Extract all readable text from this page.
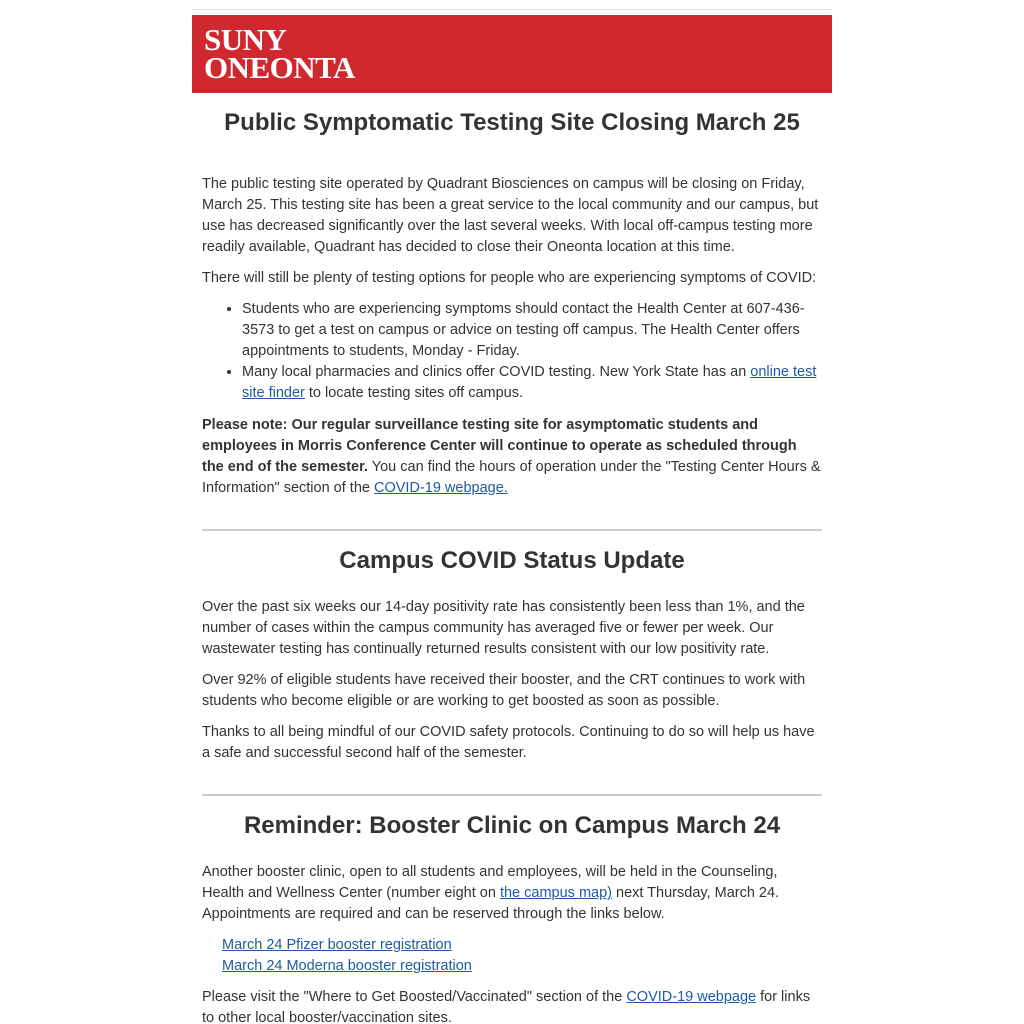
SUNY
ONEONTA
Public Symptomatic Testing Site Closing March 25

The public testing site operated by Quadrant Biosciences on campus will be closing on Friday, March 25. This testing site has been a great service to the local community and our campus, but use has decreased significantly over the last several weeks. With local off-campus testing more readily available, Quadrant has decided to close their Oneonta location at this time.

There will still be plenty of testing options for people who are experiencing symptoms of COVID:

• Students who are experiencing symptoms should contact the Health Center at 607-436-3573 to get a test on campus or advice on testing off campus. The Health Center offers appointments to students, Monday - Friday.
• Many local pharmacies and clinics offer COVID testing. New York State has an online test site finder to locate testing sites off campus.

Please note: Our regular surveillance testing site for asymptomatic students and employees in Morris Conference Center will continue to operate as scheduled through the end of the semester. You can find the hours of operation under the "Testing Center Hours & Information" section of the COVID-19 webpage.

Campus COVID Status Update

Over the past six weeks our 14-day positivity rate has consistently been less than 1%, and the number of cases within the campus community has averaged five or fewer per week. Our wastewater testing has continually returned results consistent with our low positivity rate.

Over 92% of eligible students have received their booster, and the CRT continues to work with students who become eligible or are working to get boosted as soon as possible.

Thanks to all being mindful of our COVID safety protocols. Continuing to do so will help us have a safe and successful second half of the semester.

Reminder: Booster Clinic on Campus March 24

Another booster clinic, open to all students and employees, will be held in the Counseling, Health and Wellness Center (number eight on the campus map) next Thursday, March 24. Appointments are required and can be reserved through the links below.

March 24 Pfizer booster registration
March 24 Moderna booster registration

Please visit the "Where to Get Boosted/Vaccinated" section of the COVID-19 webpage for links to other local booster/vaccination sites.
